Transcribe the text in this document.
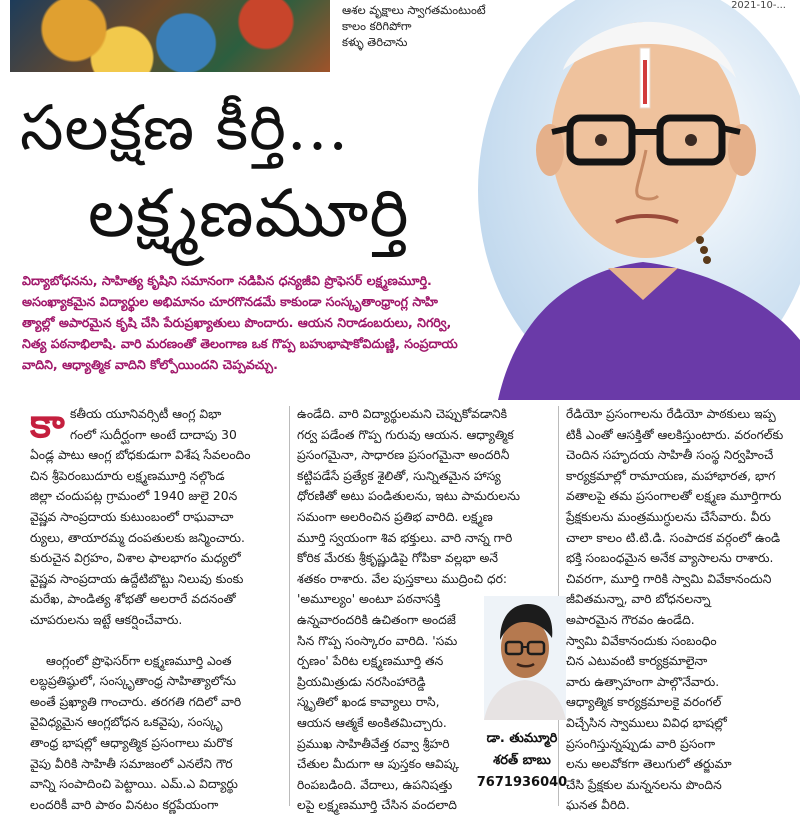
ఆశల వృక్షాలు స్వాగతమంటుంటే
కాలం కరిగిపోగా
కళ్ళు తెరిచాను
2021-10-...
సలక్షణ కీర్తి...
లక్ష్మణమూర్తి
విద్యాబోధనను, సాహిత్య కృషిని సమానంగా నడిపిన ధన్యజీవి ప్రొఫెసర్ లక్ష్మణమూర్తి.
అసంఖ్యాకమైన విద్యార్థుల అభిమానం చూరగొనడమే కాకుండా సంస్కృతాంధ్రాంగ్ల సాహి
త్యాల్లో అపారమైన కృషి చేసి పేరుప్రఖ్యాతులు పొందారు. ఆయన నిరాడంబరులు, నిగర్వి,
నిత్య పఠనాభిలాషి. వారి మరణంతో తెలంగాణ ఒక గొప్ప బహుభాషాకోవిదుణ్ణి, సంప్రదాయ
వాదిని, ఆధ్యాత్మిక వాదిని కోల్పోయిందని చెప్పవచ్చు.
కా కతీయ యూనివర్సిటీ ఆంగ్ల విభా
గంలో సుదీర్ఘంగా అంటే దాదాపు 30
ఏండ్ల పాటు ఆంగ్ల బోధకుడుగా విశేష సేవలందిం
చిన శ్రీపెరంబుదూరు లక్ష్మణమూర్తి నల్గొండ
జిల్లా చందుపట్ల గ్రామంలో 1940 జులై 20న
వైష్ణవ సాంప్రదాయ కుటుంబంలో రాఘవాచా
ర్యులు, తాయారమ్మ దంపతులకు జన్మించారు.
కురుచైన విగ్రహం, విశాల ఫాలభాగం మధ్యలో
వైష్ణవ సాంప్రదాయ ఉద్దేటిబొట్టు నిలువు కుంకు
మరేఖ, పాండిత్య శోభతో అలరారే వదనంతో
చూపరులను ఇట్టే ఆకర్షించేవారు.
ఆంగ్లంలో ప్రొఫెసర్‌గా లక్ష్మణమూర్తి ఎంత
లబ్ధప్రతిష్ఠులో, సంస్కృతాంధ్ర సాహిత్యాలోను
అంతే ప్రఖ్యాతి గాంచారు. తరగతి గదిలో వారి
వైవిధ్యమైన ఆంగ్లబోధన ఒకవైపు, సంస్కృ
తాంధ్ర భాషల్లో ఆధ్యాత్మిక ప్రసంగాలు మరొక
వైపు వీరికి సాహితీ సమాజంలో ఎనలేని గౌర
వాన్ని సంపాదించి పెట్టాయి. ఎమ్.ఎ విద్యార్థు
లందరికీ వారి పాఠం వినటం కర్ణపేయంగా
ఉండేది. వారి విద్యార్థులమని చెప్పుకోవడానికి
గర్వ పడేంత గొప్ప గురువు ఆయన. ఆధ్యాత్మిక
ప్రసంగమైనా, సాధారణ ప్రసంగమైనా అందరినీ
కట్టిపడేసే ప్రత్యేక శైలితో, సున్నితమైన హాస్య
ధోరణితో అటు పండితులను, ఇటు పామరులను
సమంగా అలరించిన ప్రతిభ వారిది. లక్ష్మణ
మూర్తి స్వయంగా శివ భక్తులు. వారి నాన్న గారి
కోరిక మేరకు శ్రీకృష్ణుడిపై గోపికా వల్లభా అనే
శతకం రాశారు. వేల పుస్తకాలు ముద్రించి ధర:
'అమూల్యం' అంటూ పఠనాసక్తి
ఉన్నవారందరికి ఉచితంగా అందజే
సిన గొప్ప సంస్కారం వారిది. 'సమ
ర్పణం' పేరిట లక్ష్మణమూర్తి తన
ప్రియమిత్రుడు నరసింహారెడ్డి
స్మృతిలో ఖండ కావ్యాలు రాసి,
ఆయన ఆత్మకే అంకితమిచ్చారు.
ప్రముఖ సాహితీవేత్త రవ్వా శ్రీహరి
చేతుల మీదుగా ఆ పుస్తకం ఆవిష్క
రింపబడింది. వేదాలు, ఉపనిషత్తు
లపై లక్ష్మణమూర్తి చేసిన వందలాది
రేడియో ప్రసంగాలను రేడియో పాఠకులు ఇప్ప
టికీ ఎంతో ఆసక్తితో ఆలకిస్తుంటారు. వరంగల్‌కు
చెందిన సహృదయ సాహితీ సంస్థ నిర్వహించే
కార్యక్రమాల్లో రామాయణ, మహాభారత, భాగ
వతాలపై తమ ప్రసంగాలతో లక్ష్మణ మూర్తిగారు
ప్రేక్షకులను మంత్రముగ్ధులను చేసేవారు. వీరు
చాలా కాలం టి.టి.డి. సంపాదక వర్గంలో ఉండి
భక్తి సంబంధమైన అనేక వ్యాసాలను రాశారు.
చివరగా, మూర్తి గారికి స్వామి వివేకానందుని
జీవితమన్నా, వారి బోధనలన్నా
అపారమైన గౌరవం ఉండేది.
స్వామి వివేకానందుకు సంబంధిం
చిన ఎటువంటి కార్యక్రమాలైనా
వారు ఉత్సాహంగా పాల్గొనేవారు.
ఆధ్యాత్మిక కార్యక్రమాలకై వరంగల్
విచ్చేసిన స్వాములు వివిధ భాషల్లో
ప్రసంగిస్తున్నప్పుడు వారి ప్రసంగా
లను అలవోకగా తెలుగులో తర్జుమా
చేసి ప్రేక్షకుల మన్ననలను పొందిన
ఘనత వీరిది.
డా. తుమ్మూరి
శరత్ బాబు
7671936040
